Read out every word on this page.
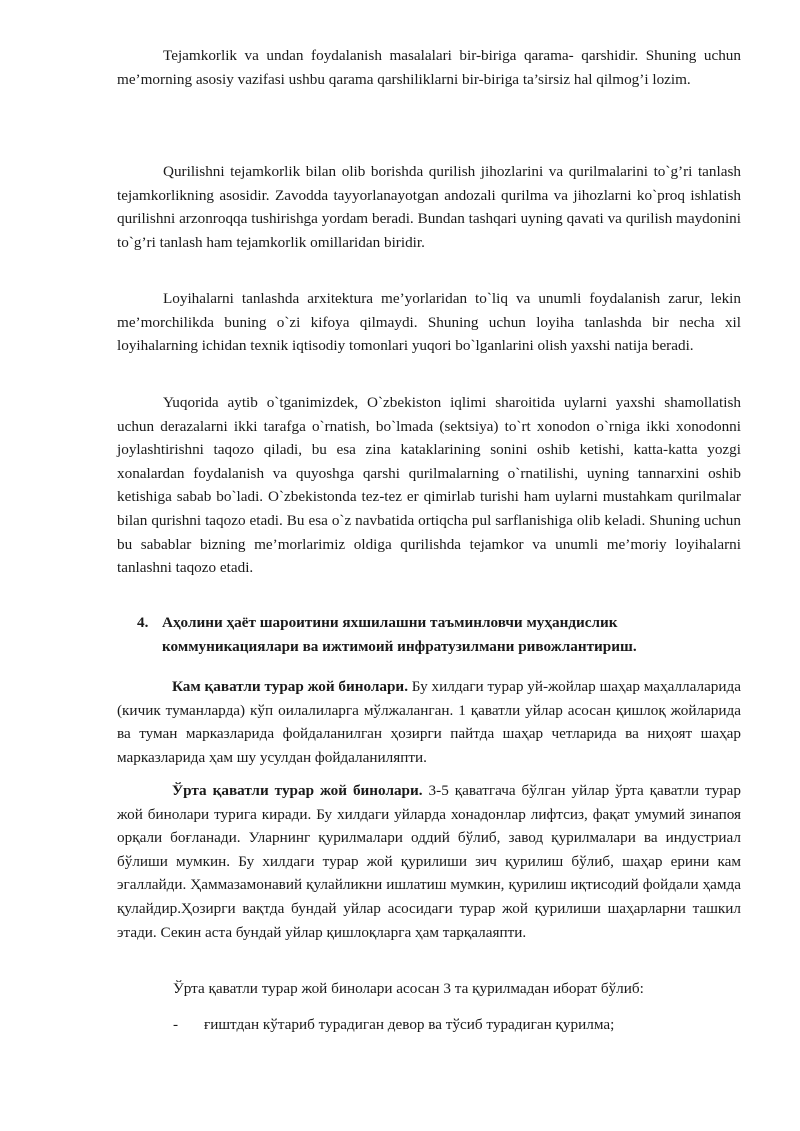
Tejamkorlik va undan foydalanish masalalari bir-biriga qarama- qarshidir. Shuning uchun me’morning asosiy vazifasi ushbu qarama qarshiliklarni bir-biriga ta’sirsiz hal qilmog’i lozim.

Qurilishni tejamkorlik bilan olib borishda qurilish jihozlarini va qurilmalarini to`g’ri tanlash tejamkorlikning asosidir. Zavodda tayyorlanayotgan andozali qurilma va jihozlarni ko`proq ishlatish qurilishni arzonroqqa tushirishga yordam beradi. Bundan tashqari uyning qavati va qurilish maydonini to`g’ri tanlash ham tejamkorlik omillaridan biridir.

Loyihalarni tanlashda arxitektura me’yorlaridan to`liq va unumli foydalanish zarur, lekin me’morchilikda buning o`zi kifoya qilmaydi. Shuning uchun loyiha tanlashda bir necha xil loyihalarning ichidan texnik iqtisodiy tomonlari yuqori bo`lganlarini olish yaxshi natija beradi.

Yuqorida aytib o`tganimizdek, O`zbekiston iqlimi sharoitida uylarni yaxshi shamollatish uchun derazalarni ikki tarafga o`rnatish, bo`lmada (sektsiya) to`rt xonodon o`rniga ikki xonodonni joylashtirishni taqozo qiladi, bu esa zina kataklarining sonini oshib ketishi, katta-katta yozgi xonalardan foydalanish va quyoshga qarshi qurilmalarning o`rnatilishi, uyning tannarxini oshib ketishiga sabab bo`ladi. O`zbekistonda tez-tez er qimirlab turishi ham uylarni mustahkam qurilmalar bilan qurishni taqozo etadi. Bu esa o`z navbatida ortiqcha pul sarflanishiga olib keladi. Shuning uchun bu sabablar bizning me’morlarimiz oldiga qurilishda tejamkor va unumli me’moriy loyihalarni tanlashni taqozo etadi.

4. Аҳолини ҳаёт шароитини яхшилашни таъминловчи муҳандислик коммуникациялари ва ижтимоий инфратузилмани ривожлантириш.

Кам қаватли турар жой бинолари. Бу хилдаги турар уй-жойлар шаҳар маҳаллаларида (кичик туманларда) кўп оилалиларга мўлжаланган. 1 қаватли уйлар асосан қишлоқ жойларида ва туман марказларида фойдаланилган ҳозирги пайтда шаҳар четларида ва ниҳоят шаҳар марказларида ҳам шу усулдан фойдаланиляпти.

Ўрта қаватли турар жой бинолари. 3-5 қаватгача бўлган уйлар ўрта қаватли турар жой бинолари турига киради. Бу хилдаги уйларда хонадонлар лифтсиз, фақат умумий зинапоя орқали боғланади. Уларнинг қурилмалари оддий бўлиб, завод қурилмалари ва индустриал бўлиши мумкин. Бу хилдаги турар жой қурилиши зич қурилиш бўлиб, шаҳар ерини кам эгаллайди. Ҳаммазамонавий қулайликни ишлатиш мумкин, қурилиш иқтисодий фойдали ҳамда қулайдир.Ҳозирги вақтда бундай уйлар асосидаги турар жой қурилиши шаҳарларни ташкил этади. Секин аста бундай уйлар қишлоқларга ҳам тарқалаяпти.

Ўрта қаватли турар жой бинолари асосан 3 та қурилмадан иборат бўлиб:

- ғиштдан кўтариб турадиган девор ва тўсиб турадиган қурилма;
